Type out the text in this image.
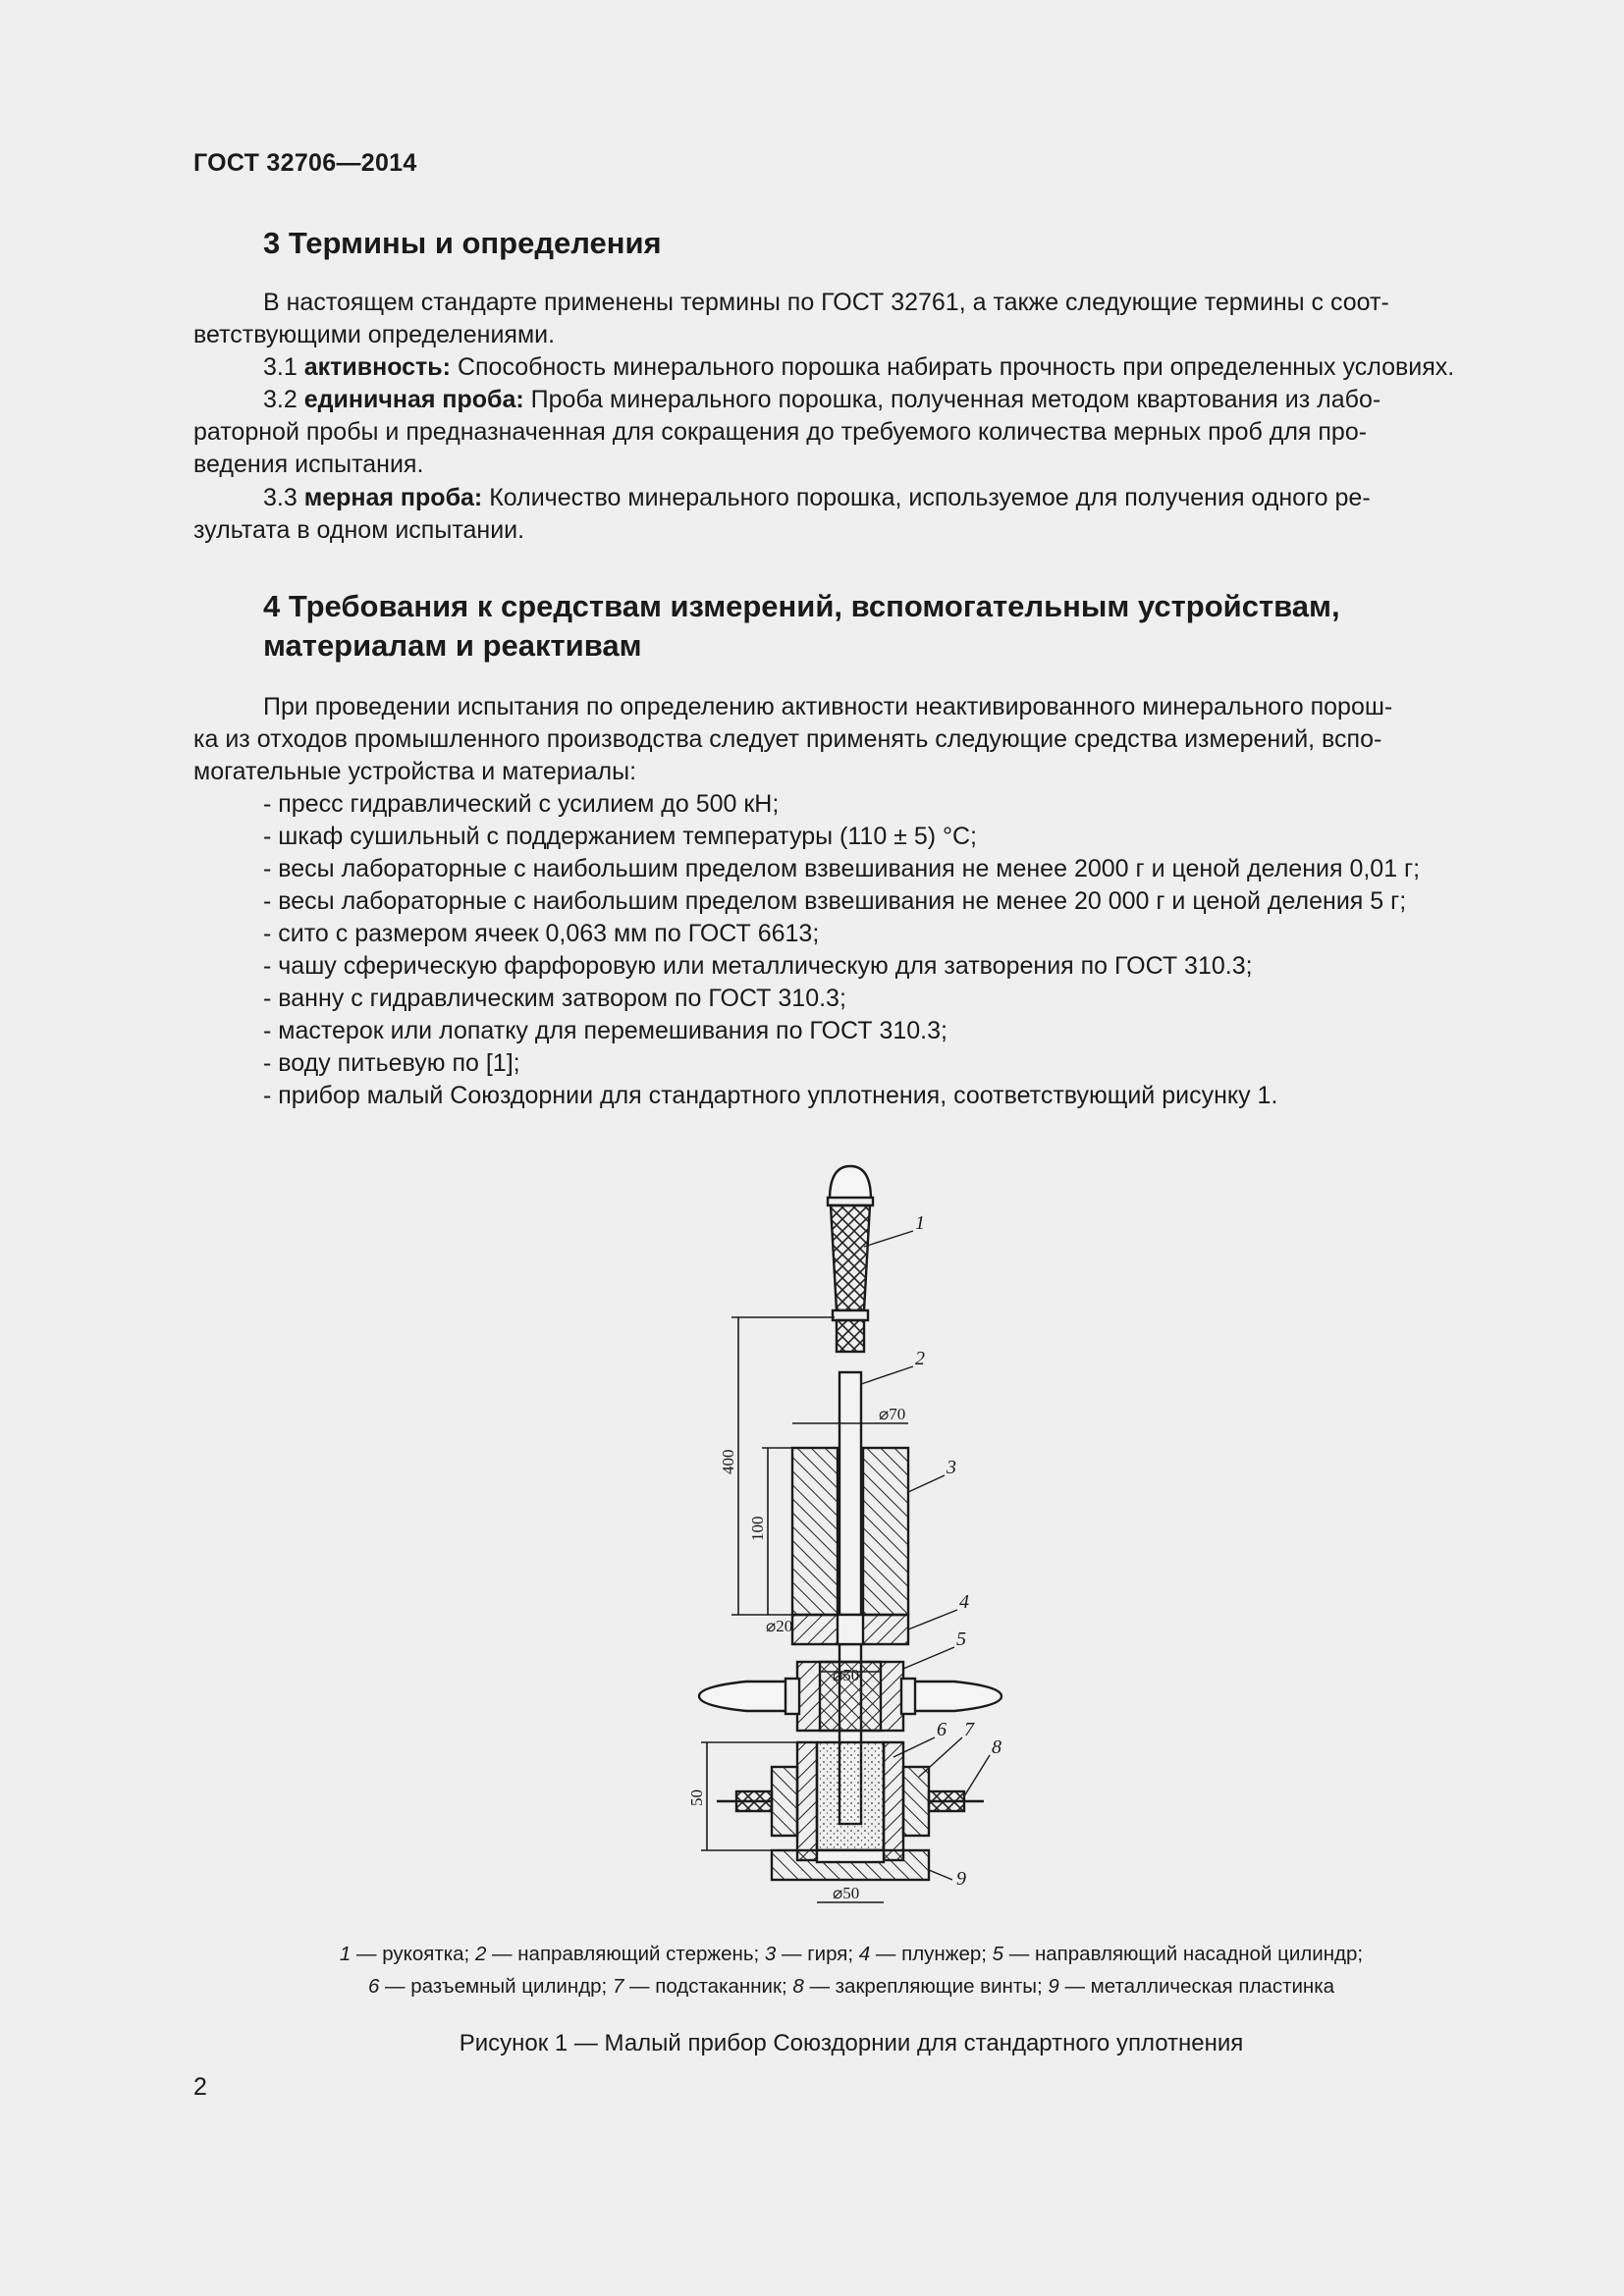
ГОСТ 32706—2014
3 Термины и определения
В настоящем стандарте применены термины по ГОСТ 32761, а также следующие термины с соот-
ветствующими определениями.
3.1 активность: Способность минерального порошка набирать прочность при определенных условиях.
3.2 единичная проба: Проба минерального порошка, полученная методом квартования из лабо-
раторной пробы и предназначенная для сокращения до требуемого количества мерных проб для про-
ведения испытания.
3.3 мерная проба: Количество минерального порошка, используемое для получения одного ре-
зультата в одном испытании.
4 Требования к средствам измерений, вспомогательным устройствам,
материалам и реактивам
При проведении испытания по определению активности неактивированного минерального порош-
ка из отходов промышленного производства следует применять следующие средства измерений, вспо-
могательные устройства и материалы:
- пресс гидравлический с усилием до 500 кН;
- шкаф сушильный с поддержанием температуры (110 ± 5) °С;
- весы лабораторные с наибольшим пределом взвешивания не менее 2000 г и ценой деления 0,01 г;
- весы лабораторные с наибольшим пределом взвешивания не менее 20 000 г и ценой деления 5 г;
- сито с размером ячеек 0,063 мм по ГОСТ 6613;
- чашу сферическую фарфоровую или металлическую для затворения по ГОСТ 310.3;
- ванну с гидравлическим затвором по ГОСТ 310.3;
- мастерок или лопатку для перемешивания по ГОСТ 310.3;
- воду питьевую по [1];
- прибор малый Союздорнии для стандартного уплотнения, соответствующий рисунку 1.
1
2
3
4
5
6 7
8
9
⌀70
⌀20
⌀50
⌀50
400
100
50
1 — рукоятка; 2 — направляющий стержень; 3 — гиря; 4 — плунжер; 5 — направляющий насадной цилиндр;
6 — разъемный цилиндр; 7 — подстаканник; 8 — закрепляющие винты; 9 — металлическая пластинка
Рисунок 1 — Малый прибор Союздорнии для стандартного уплотнения
2
